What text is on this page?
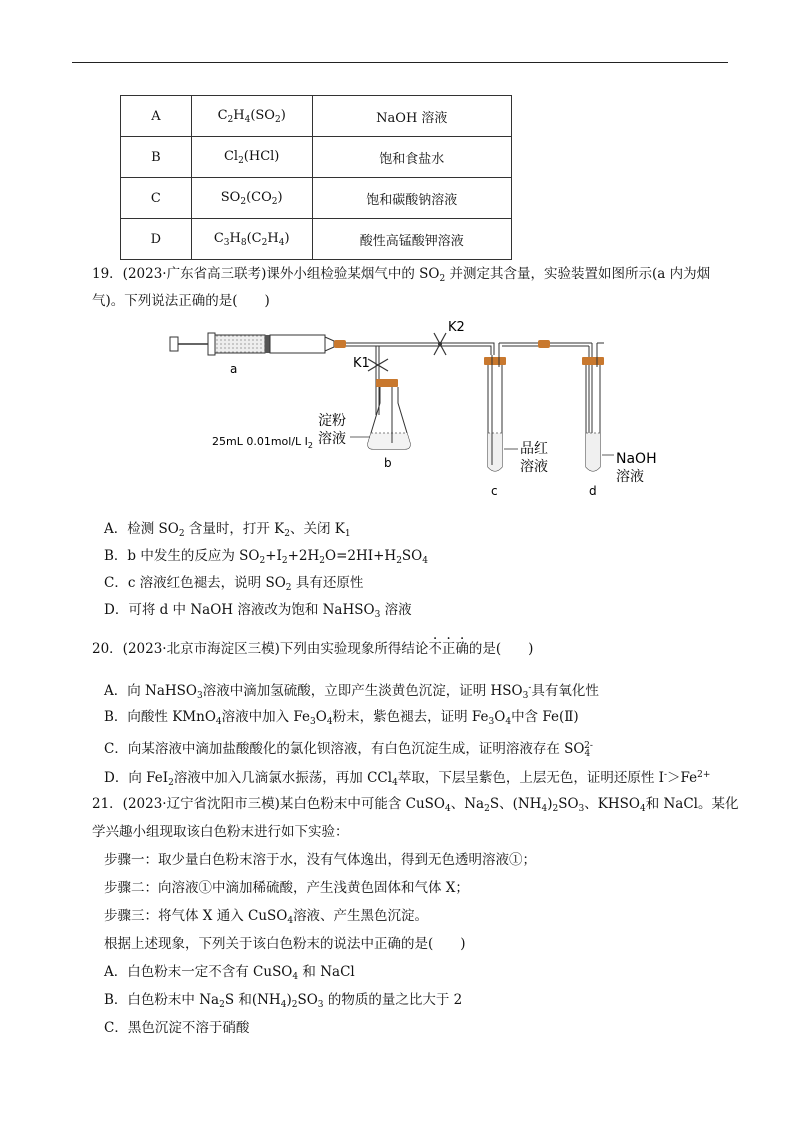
A	$C_2H_4(SO_2)$	NaOH 溶液
B	$Cl_2(HCl)$	饱和食盐水
C	$SO_2(CO_2)$	饱和碳酸钠溶液
D	$C_3H_8(C_2H_4)$	酸性高锰酸钾溶液
19．(2023·广东省高三联考)课外小组检验某烟气中的 $SO_2$ 并测定其含量，实验装置如图所示(a 内为烟
气)。下列说法正确的是(　　)
K2
K1
淀粉
溶液
25mL 0.01mol/L $I_2$
b
品红
溶液
c
NaOH
溶液
d
a
A．检测 $SO_2$ 含量时，打开 $K_2$、关闭 $K_1$
B．b 中发生的反应为 $SO_2+I_2+2H_2O=2HI+H_2SO_4$
C．c 溶液红色褪去，说明 $SO_2$ 具有还原性
D．可将 d 中 NaOH 溶液改为饱和 NaHSO$_3$ 溶液
20．(2023·北京市海淀区三模)下列由实验现象所得结论不正确的是(　　)
A．向 NaHSO$_3$溶液中滴加氢硫酸，立即产生淡黄色沉淀，证明 $HSO_3^-$具有氧化性
B．向酸性 KMnO$_4$溶液中加入 $Fe_3O_4$粉末，紫色褪去，证明 $Fe_3O_4$中含 Fe(Ⅱ)
C．向某溶液中滴加盐酸酸化的氯化钡溶液，有白色沉淀生成，证明溶液存在 $SO_4^{2-}$
D．向 FeI$_2$溶液中加入几滴氯水振荡，再加 CCl$_4$萃取，下层呈紫色，上层无色，证明还原性 $I^->Fe^{2+}$
21．(2023·辽宁省沈阳市三模)某白色粉末中可能含 CuSO$_4$、$Na_2S$、$(NH_4)_2SO_3$、$KHSO_4$和 NaCl。某化
学兴趣小组现取该白色粉末进行如下实验：
步骤一：取少量白色粉末溶于水，没有气体逸出，得到无色透明溶液①；
步骤二：向溶液①中滴加稀硫酸，产生浅黄色固体和气体 X；
步骤三：将气体 X 通入 CuSO$_4$溶液、产生黑色沉淀。
根据上述现象，下列关于该白色粉末的说法中正确的是(　　)
A．白色粉末一定不含有 CuSO$_4$ 和 NaCl
B．白色粉末中 $Na_2S$ 和$(NH_4)_2SO_3$ 的物质的量之比大于 2
C．黑色沉淀不溶于硝酸
